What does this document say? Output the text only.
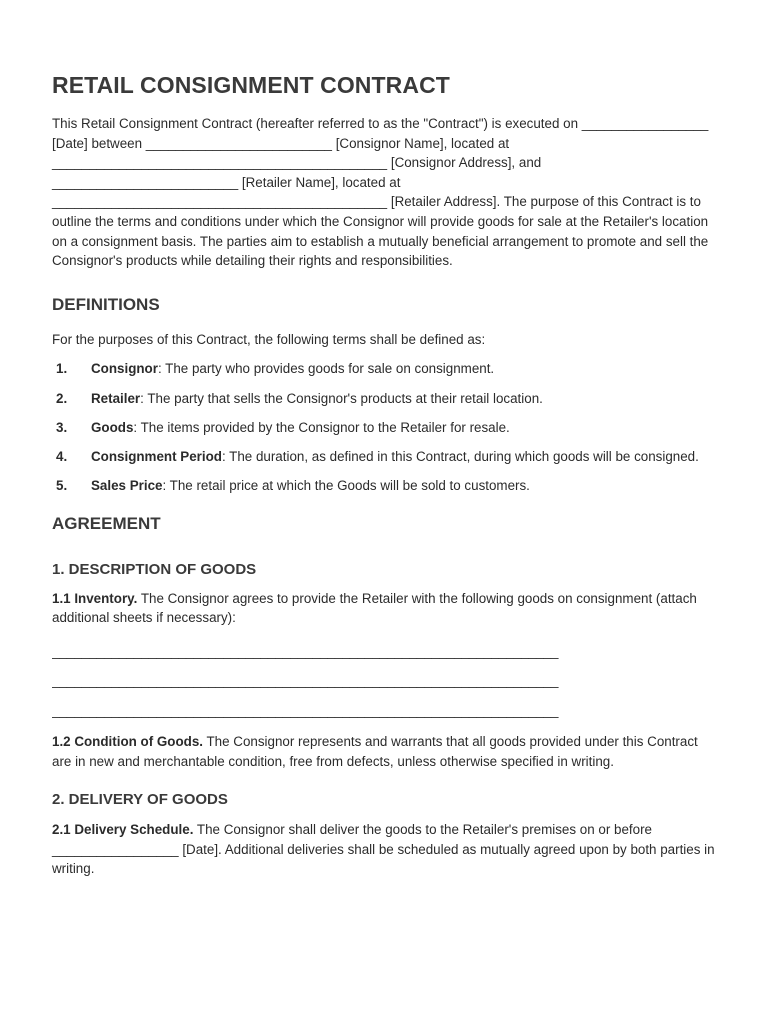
RETAIL CONSIGNMENT CONTRACT

This Retail Consignment Contract (hereafter referred to as the "Contract") is executed on _________________ [Date] between _________________________ [Consignor Name], located at _____________________________________________ [Consignor Address], and _________________________ [Retailer Name], located at _____________________________________________ [Retailer Address]. The purpose of this Contract is to outline the terms and conditions under which the Consignor will provide goods for sale at the Retailer's location on a consignment basis. The parties aim to establish a mutually beneficial arrangement to promote and sell the Consignor's products while detailing their rights and responsibilities.

DEFINITIONS

For the purposes of this Contract, the following terms shall be defined as:

1.	Consignor: The party who provides goods for sale on consignment.
2.	Retailer: The party that sells the Consignor's products at their retail location.
3.	Goods: The items provided by the Consignor to the Retailer for resale.
4.	Consignment Period: The duration, as defined in this Contract, during which goods will be consigned.
5.	Sales Price: The retail price at which the Goods will be sold to customers.
AGREEMENT
1. DESCRIPTION OF GOODS

1.1 Inventory. The Consignor agrees to provide the Retailer with the following goods on consignment (attach additional sheets if necessary):

____________________________________________________________________
____________________________________________________________________
____________________________________________________________________

1.2 Condition of Goods. The Consignor represents and warrants that all goods provided under this Contract are in new and merchantable condition, free from defects, unless otherwise specified in writing.

2. DELIVERY OF GOODS

2.1 Delivery Schedule. The Consignor shall deliver the goods to the Retailer's premises on or before _________________ [Date]. Additional deliveries shall be scheduled as mutually agreed upon by both parties in writing.
